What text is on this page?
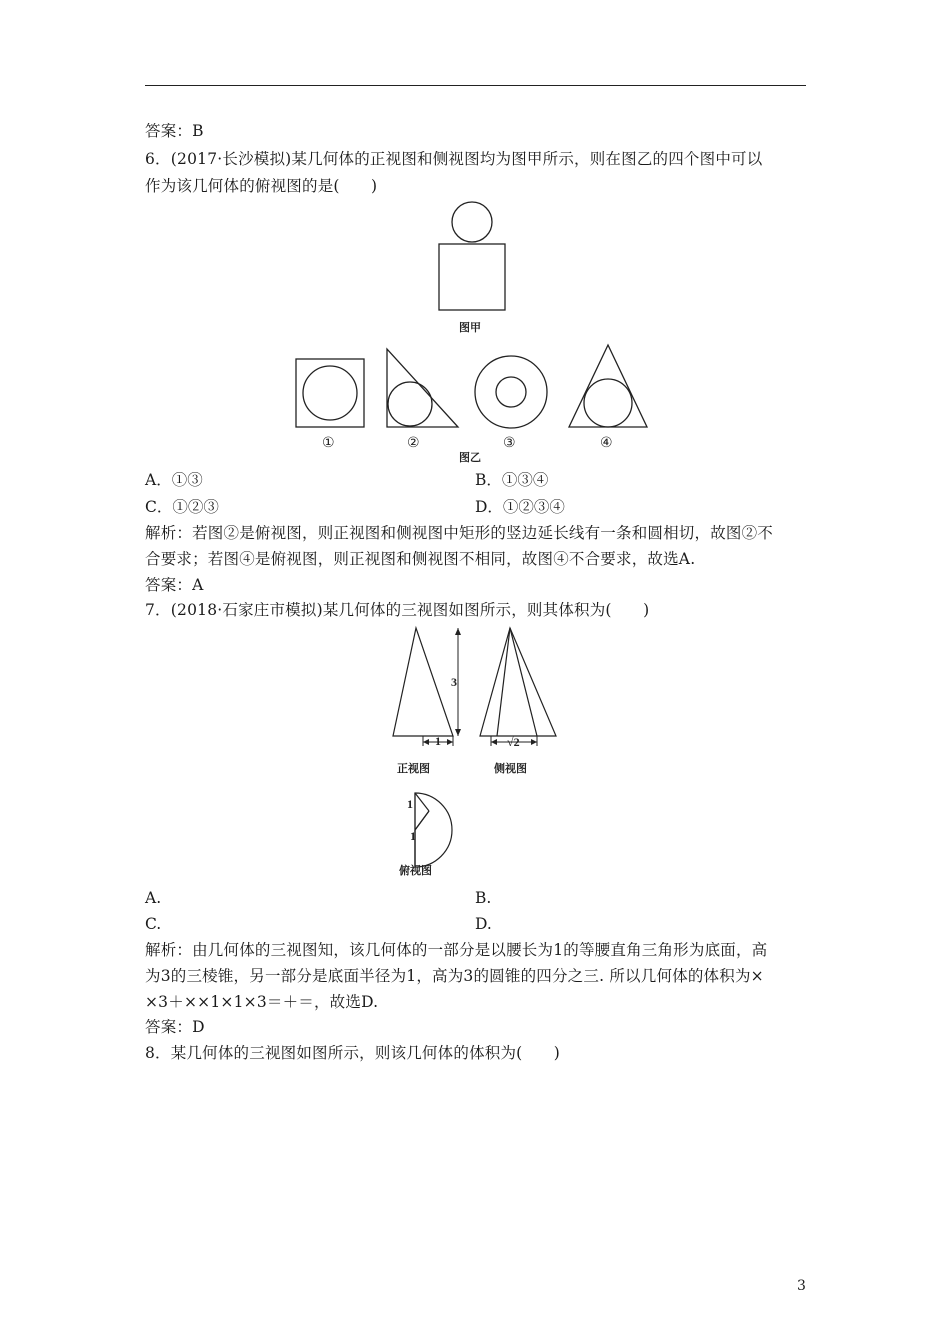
答案：B
6．(2017·长沙模拟)某几何体的正视图和侧视图均为图甲所示，则在图乙的四个图中可以
作为该几何体的俯视图的是(　　)
图甲
①	②	③	④
图乙
A．①③	B．①③④
C．①②③	D．①②③④
解析：若图②是俯视图，则正视图和侧视图中矩形的竖边延长线有一条和圆相切，故图②不
合要求；若图④是俯视图，则正视图和侧视图不相同，故图④不合要求，故选A.
答案：A
7．(2018·石家庄市模拟)某几何体的三视图如图所示，则其体积为(　　)
3
1	√2
正视图	侧视图
1
1
俯视图
A.	B.
C.	D.
解析：由几何体的三视图知，该几何体的一部分是以腰长为1的等腰直角三角形为底面，高
为3的三棱锥，另一部分是底面半径为1，高为3的圆锥的四分之三. 所以几何体的体积为×
×3＋××1×1×3＝＋＝，故选D.
答案：D
8．某几何体的三视图如图所示，则该几何体的体积为(　　)
3
